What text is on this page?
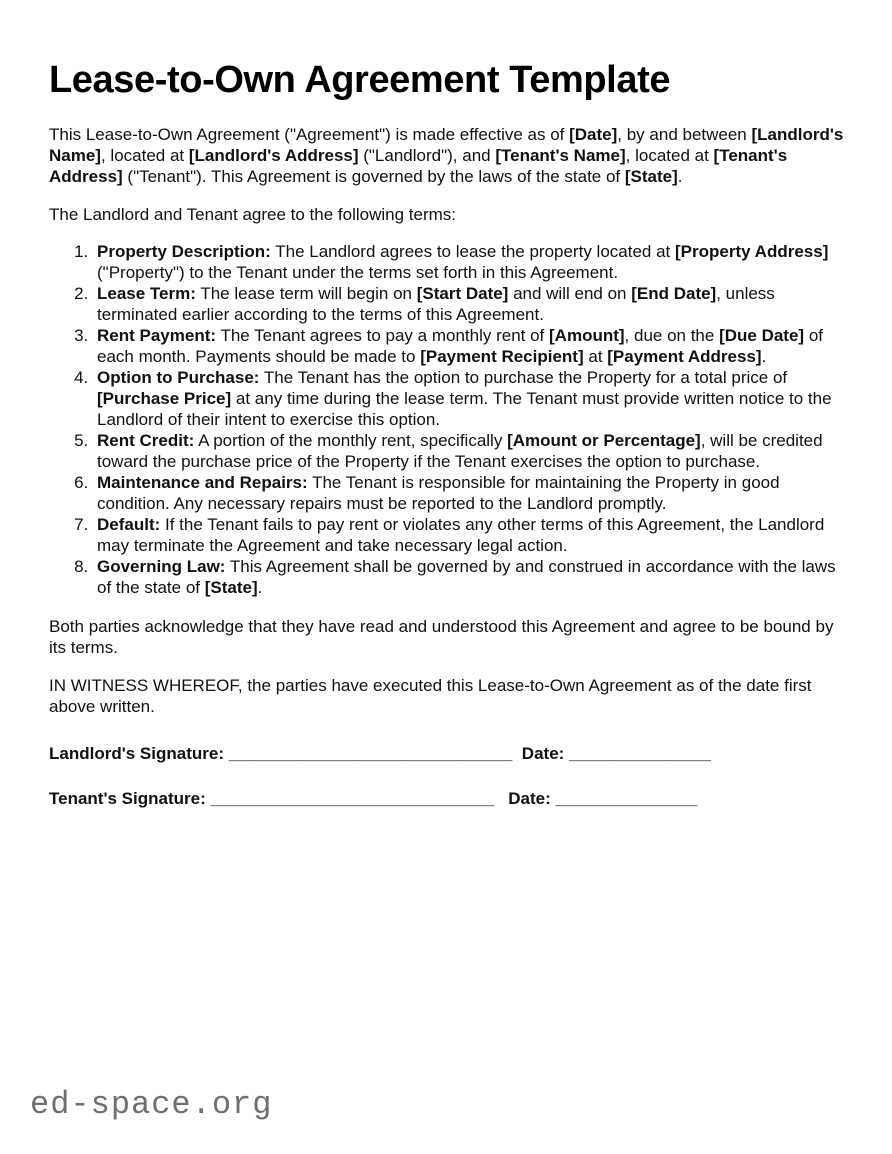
Lease-to-Own Agreement Template

This Lease-to-Own Agreement ("Agreement") is made effective as of [Date], by and between [Landlord's Name], located at [Landlord's Address] ("Landlord"), and [Tenant's Name], located at [Tenant's Address] ("Tenant"). This Agreement is governed by the laws of the state of [State].

The Landlord and Tenant agree to the following terms:

1. Property Description: The Landlord agrees to lease the property located at [Property Address] ("Property") to the Tenant under the terms set forth in this Agreement.
2. Lease Term: The lease term will begin on [Start Date] and will end on [End Date], unless terminated earlier according to the terms of this Agreement.
3. Rent Payment: The Tenant agrees to pay a monthly rent of [Amount], due on the [Due Date] of each month. Payments should be made to [Payment Recipient] at [Payment Address].
4. Option to Purchase: The Tenant has the option to purchase the Property for a total price of [Purchase Price] at any time during the lease term. The Tenant must provide written notice to the Landlord of their intent to exercise this option.
5. Rent Credit: A portion of the monthly rent, specifically [Amount or Percentage], will be credited toward the purchase price of the Property if the Tenant exercises the option to purchase.
6. Maintenance and Repairs: The Tenant is responsible for maintaining the Property in good condition. Any necessary repairs must be reported to the Landlord promptly.
7. Default: If the Tenant fails to pay rent or violates any other terms of this Agreement, the Landlord may terminate the Agreement and take necessary legal action.
8. Governing Law: This Agreement shall be governed by and construed in accordance with the laws of the state of [State].

Both parties acknowledge that they have read and understood this Agreement and agree to be bound by its terms.

IN WITNESS WHEREOF, the parties have executed this Lease-to-Own Agreement as of the date first above written.

Landlord's Signature: ______________________________  Date: _______________
Tenant's Signature: ______________________________   Date: _______________
ed-space.org
